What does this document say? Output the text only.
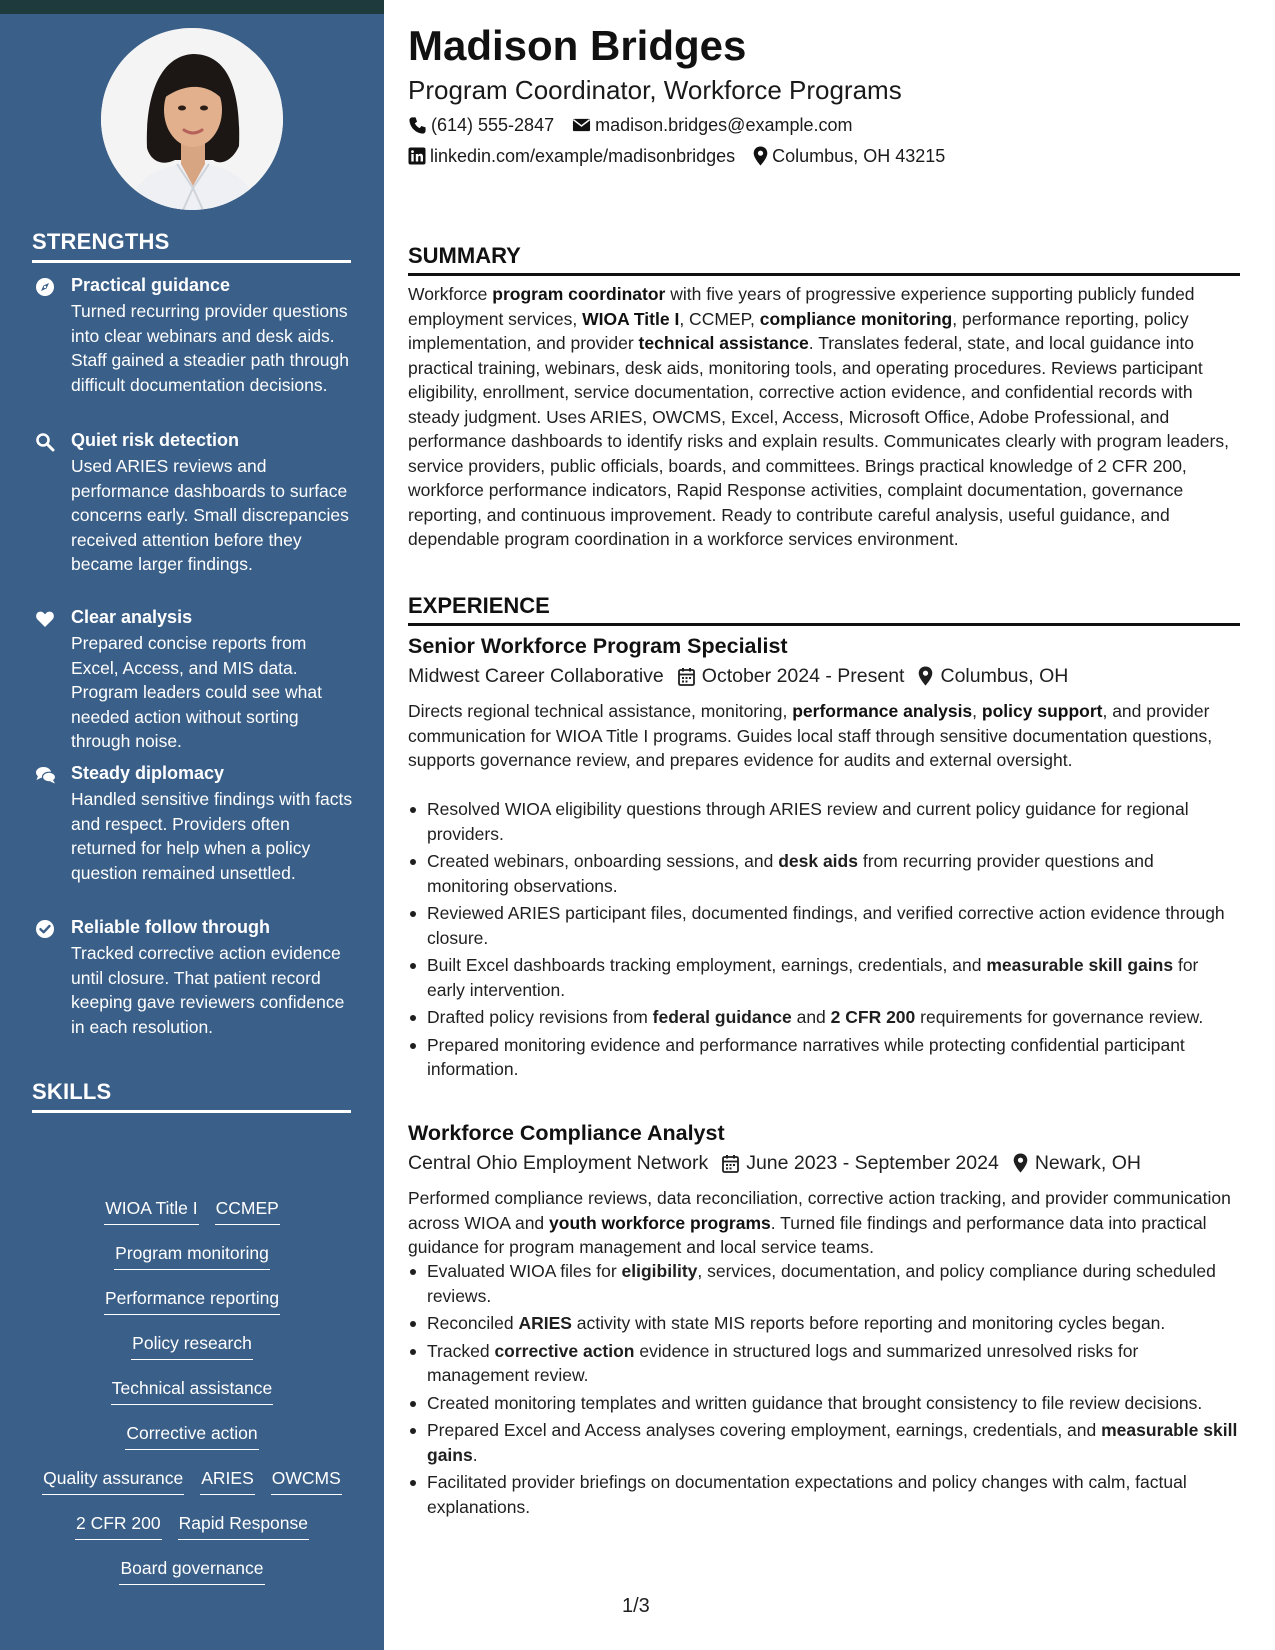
STRENGTHS
Practical guidance
Turned recurring provider questions into clear webinars and desk aids. Staff gained a steadier path through difficult documentation decisions.
Quiet risk detection
Used ARIES reviews and performance dashboards to surface concerns early. Small discrepancies received attention before they became larger findings.
Clear analysis
Prepared concise reports from Excel, Access, and MIS data. Program leaders could see what needed action without sorting through noise.
Steady diplomacy
Handled sensitive findings with facts and respect. Providers often returned for help when a policy question remained unsettled.
Reliable follow through
Tracked corrective action evidence until closure. That patient record keeping gave reviewers confidence in each resolution.
SKILLS
WIOA Title I CCMEP
Program monitoring
Performance reporting
Policy research
Technical assistance
Corrective action
Quality assurance ARIES OWCMS
2 CFR 200 Rapid Response
Board governance
Madison Bridges
Program Coordinator, Workforce Programs
(614) 555-2847 madison.bridges@example.com
linkedin.com/example/madisonbridges Columbus, OH 43215
SUMMARY

Workforce program coordinator with five years of progressive experience supporting publicly funded employment services, WIOA Title I, CCMEP, compliance monitoring, performance reporting, policy implementation, and provider technical assistance. Translates federal, state, and local guidance into practical training, webinars, desk aids, monitoring tools, and operating procedures. Reviews participant eligibility, enrollment, service documentation, corrective action evidence, and confidential records with steady judgment. Uses ARIES, OWCMS, Excel, Access, Microsoft Office, Adobe Professional, and performance dashboards to identify risks and explain results. Communicates clearly with program leaders, service providers, public officials, boards, and committees. Brings practical knowledge of 2 CFR 200, workforce performance indicators, Rapid Response activities, complaint documentation, governance reporting, and continuous improvement. Ready to contribute careful analysis, useful guidance, and dependable program coordination in a workforce services environment.

EXPERIENCE
Senior Workforce Program Specialist
Midwest Career Collaborative October 2024 - Present Columbus, OH

Directs regional technical assistance, monitoring, performance analysis, policy support, and provider communication for WIOA Title I programs. Guides local staff through sensitive documentation questions, supports governance review, and prepares evidence for audits and external oversight.

Resolved WIOA eligibility questions through ARIES review and current policy guidance for regional providers.
Created webinars, onboarding sessions, and desk aids from recurring provider questions and monitoring observations.
Reviewed ARIES participant files, documented findings, and verified corrective action evidence through closure.
Built Excel dashboards tracking employment, earnings, credentials, and measurable skill gains for early intervention.
Drafted policy revisions from federal guidance and 2 CFR 200 requirements for governance review.
Prepared monitoring evidence and performance narratives while protecting confidential participant information.
Workforce Compliance Analyst
Central Ohio Employment Network June 2023 - September 2024 Newark, OH

Performed compliance reviews, data reconciliation, corrective action tracking, and provider communication across WIOA and youth workforce programs. Turned file findings and performance data into practical guidance for program management and local service teams.

Evaluated WIOA files for eligibility, services, documentation, and policy compliance during scheduled reviews.
Reconciled ARIES activity with state MIS reports before reporting and monitoring cycles began.
Tracked corrective action evidence in structured logs and summarized unresolved risks for management review.
Created monitoring templates and written guidance that brought consistency to file review decisions.
Prepared Excel and Access analyses covering employment, earnings, credentials, and measurable skill gains.
Facilitated provider briefings on documentation expectations and policy changes with calm, factual explanations.
1/3
